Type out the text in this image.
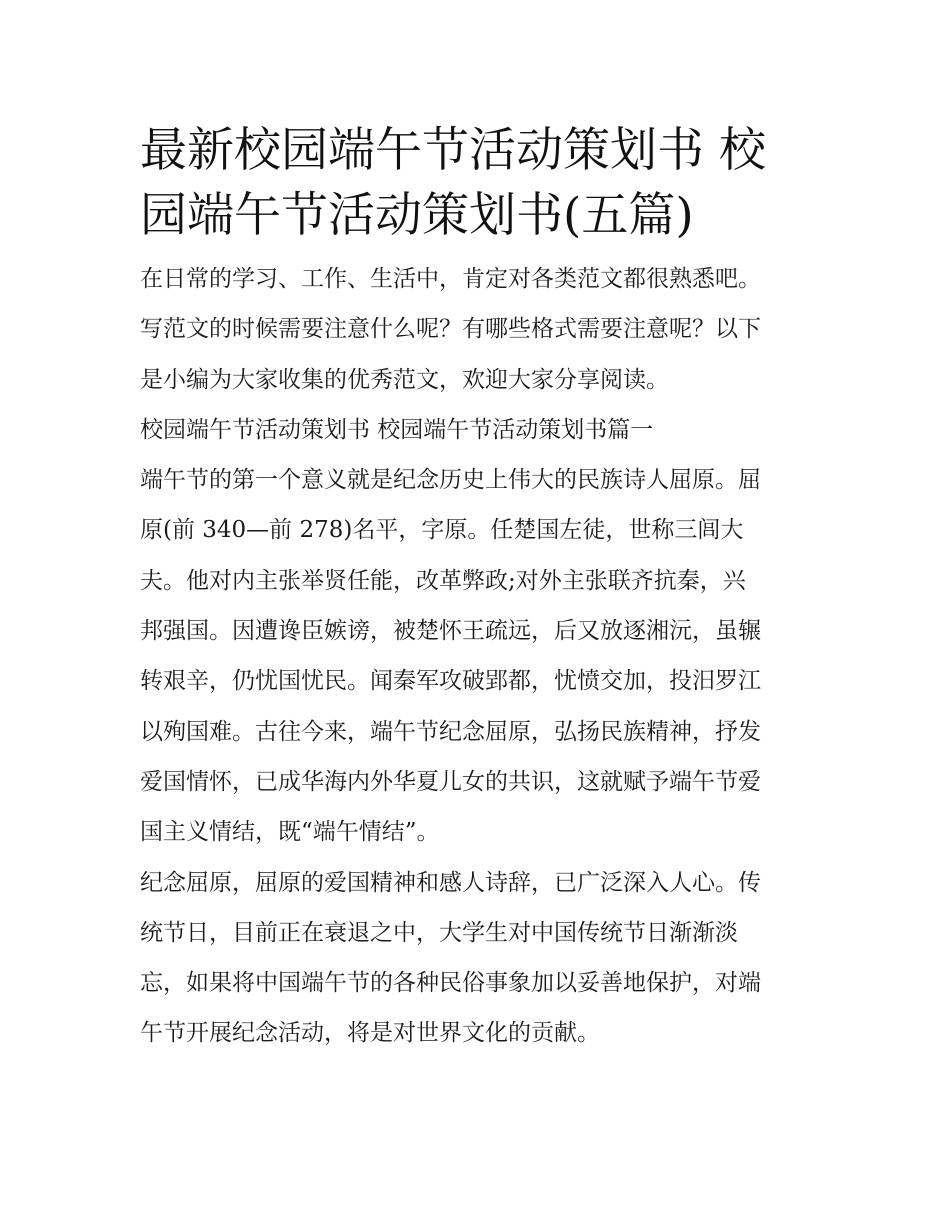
最新校园端午节活动策划书 校
园端午节活动策划书(五篇)
在日常的学习、工作、生活中，肯定对各类范文都很熟悉吧。
写范文的时候需要注意什么呢？有哪些格式需要注意呢？以下
是小编为大家收集的优秀范文，欢迎大家分享阅读。
校园端午节活动策划书 校园端午节活动策划书篇一
端午节的第一个意义就是纪念历史上伟大的民族诗人屈原。屈
原(前 340—前 278)名平，字原。任楚国左徒，世称三闾大
夫。他对内主张举贤任能，改革弊政;对外主张联齐抗秦，兴
邦强国。因遭谗臣嫉谤，被楚怀王疏远，后又放逐湘沅，虽辗
转艰辛，仍忧国忧民。闻秦军攻破郢都，忧愤交加，投汨罗江
以殉国难。古往今来，端午节纪念屈原，弘扬民族精神，抒发
爱国情怀，已成华海内外华夏儿女的共识，这就赋予端午节爱
国主义情结，既“端午情结”。
纪念屈原，屈原的爱国精神和感人诗辞，已广泛深入人心。传
统节日，目前正在衰退之中，大学生对中国传统节日渐渐淡
忘，如果将中国端午节的各种民俗事象加以妥善地保护，对端
午节开展纪念活动，将是对世界文化的贡献。
